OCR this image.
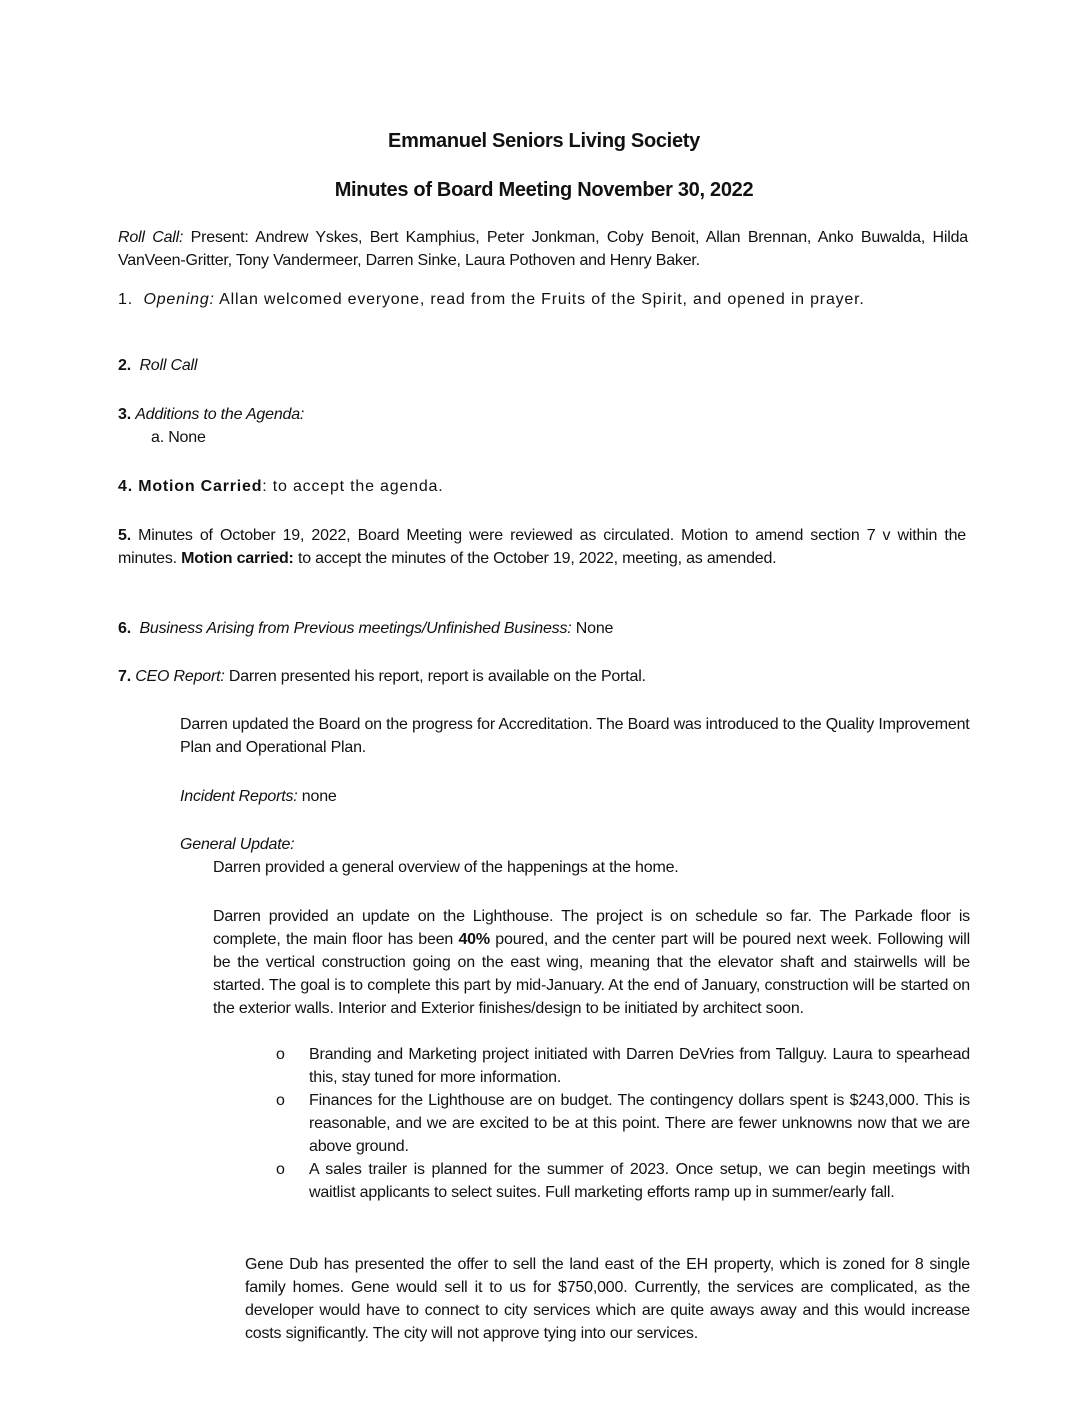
Emmanuel Seniors Living Society
Minutes of Board Meeting November 30, 2022
Roll Call: Present: Andrew Yskes, Bert Kamphius, Peter Jonkman, Coby Benoit, Allan Brennan, Anko Buwalda, Hilda VanVeen-Gritter, Tony Vandermeer, Darren Sinke, Laura Pothoven and Henry Baker.
1. Opening: Allan welcomed everyone, read from the Fruits of the Spirit, and opened in prayer.
2. Roll Call
3. Additions to the Agenda:
a. None
4. Motion Carried: to accept the agenda.
5. Minutes of October 19, 2022, Board Meeting were reviewed as circulated. Motion to amend section 7 v within the minutes. Motion carried: to accept the minutes of the October 19, 2022, meeting, as amended.
6. Business Arising from Previous meetings/Unfinished Business: None
7. CEO Report: Darren presented his report, report is available on the Portal.
Darren updated the Board on the progress for Accreditation. The Board was introduced to the Quality Improvement Plan and Operational Plan.
Incident Reports: none
General Update:
Darren provided a general overview of the happenings at the home.
Darren provided an update on the Lighthouse. The project is on schedule so far. The Parkade floor is complete, the main floor has been 40% poured, and the center part will be poured next week. Following will be the vertical construction going on the east wing, meaning that the elevator shaft and stairwells will be started. The goal is to complete this part by mid-January. At the end of January, construction will be started on the exterior walls. Interior and Exterior finishes/design to be initiated by architect soon.
o	Branding and Marketing project initiated with Darren DeVries from Tallguy. Laura to spearhead this, stay tuned for more information.
o	Finances for the Lighthouse are on budget. The contingency dollars spent is $243,000. This is reasonable, and we are excited to be at this point. There are fewer unknowns now that we are above ground.
o	A sales trailer is planned for the summer of 2023. Once setup, we can begin meetings with waitlist applicants to select suites. Full marketing efforts ramp up in summer/early fall.
Gene Dub has presented the offer to sell the land east of the EH property, which is zoned for 8 single family homes. Gene would sell it to us for $750,000. Currently, the services are complicated, as the developer would have to connect to city services which are quite aways away and this would increase costs significantly. The city will not approve tying into our services.
